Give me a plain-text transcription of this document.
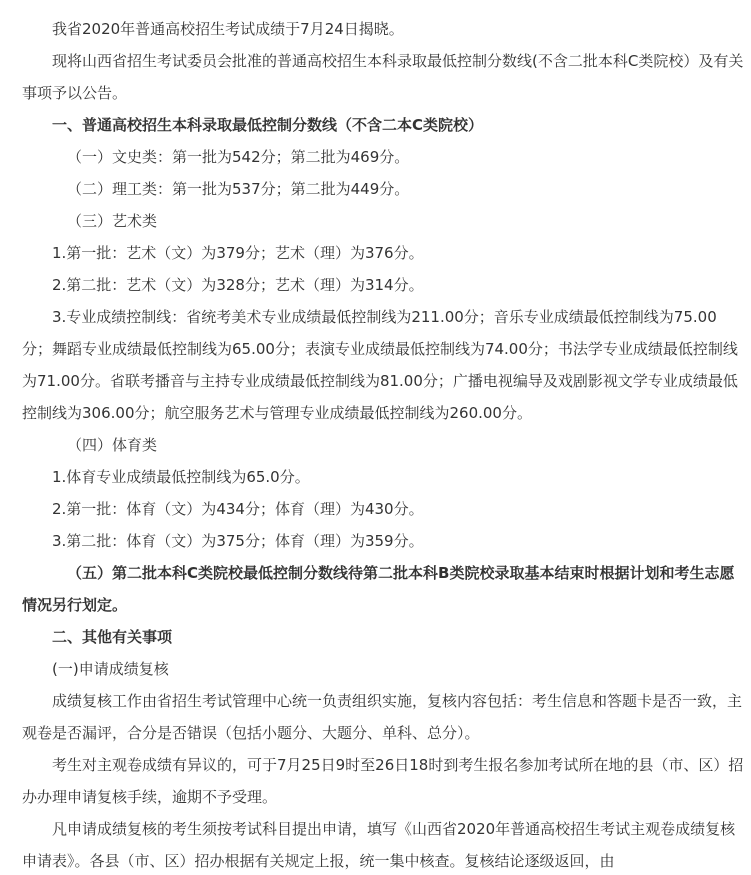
我省2020年普通高校招生考试成绩于7月24日揭晓。

现将山西省招生考试委员会批准的普通高校招生本科录取最低控制分数线(不含二批本科C类院校）及有关事项予以公告。

一、普通高校招生本科录取最低控制分数线（不含二本C类院校）

（一）文史类：第一批为542分；第二批为469分。

（二）理工类：第一批为537分；第二批为449分。

（三）艺术类

1.第一批：艺术（文）为379分；艺术（理）为376分。

2.第二批：艺术（文）为328分；艺术（理）为314分。

3.专业成绩控制线：省统考美术专业成绩最低控制线为211.00分；音乐专业成绩最低控制线为75.00分；舞蹈专业成绩最低控制线为65.00分；表演专业成绩最低控制线为74.00分；书法学专业成绩最低控制线为71.00分。省联考播音与主持专业成绩最低控制线为81.00分；广播电视编导及戏剧影视文学专业成绩最低控制线为306.00分；航空服务艺术与管理专业成绩最低控制线为260.00分。

（四）体育类

1.体育专业成绩最低控制线为65.0分。

2.第一批：体育（文）为434分；体育（理）为430分。

3.第二批：体育（文）为375分；体育（理）为359分。

（五）第二批本科C类院校最低控制分数线待第二批本科B类院校录取基本结束时根据计划和考生志愿情况另行划定。

二、其他有关事项

(一)申请成绩复核

成绩复核工作由省招生考试管理中心统一负责组织实施，复核内容包括：考生信息和答题卡是否一致，主观卷是否漏评，合分是否错误（包括小题分、大题分、单科、总分）。

考生对主观卷成绩有异议的，可于7月25日9时至26日18时到考生报名参加考试所在地的县（市、区）招办办理申请复核手续，逾期不予受理。

凡申请成绩复核的考生须按考试科目提出申请，填写《山西省2020年普通高校招生考试主观卷成绩复核申请表》。各县（市、区）招办根据有关规定上报，统一集中核查。复核结论逐级返回，由
